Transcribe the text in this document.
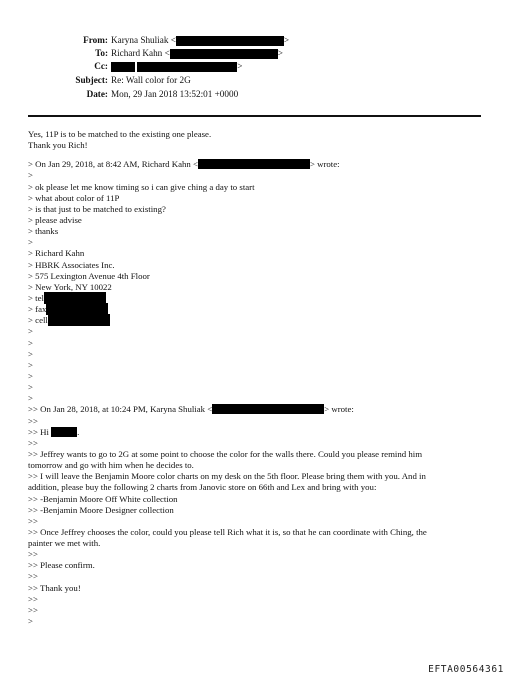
From: Karyna Shuliak <	>
To: Richard Kahn <	>
Cc:	>
Subject: Re: Wall color for 2G
Date: Mon, 29 Jan 2018 13:52:01 +0000
Yes, 11P is to be matched to the existing one please.
Thank you Rich!
> On Jan 29, 2018, at 8:42 AM, Richard Kahn <	> wrote:
>
> ok please let me know timing so i can give ching a day to start
> what about color of 11P
> is that just to be matched to existing?
> please advise
> thanks
>
> Richard Kahn
> HBRK Associates Inc.
> 575 Lexington Avenue 4th Floor
> New York, NY 10022
> tel
> fax
> cell
>
>
>
>
>
>
>
>> On Jan 28, 2018, at 10:24 PM, Karyna Shuliak <	> wrote:
>>
>> Hi	.
>>
>> Jeffrey wants to go to 2G at some point to choose the color for the walls there. Could you please remind him
tomorrow and go with him when he decides to.
>> I will leave the Benjamin Moore color charts on my desk on the 5th floor. Please bring them with you. And in
addition, please buy the following 2 charts from Janovic store on 66th and Lex and bring with you:
>> -Benjamin Moore Off White collection
>> -Benjamin Moore Designer collection
>>
>> Once Jeffrey chooses the color, could you please tell Rich what it is, so that he can coordinate with Ching, the
painter we met with.
>>
>> Please confirm.
>>
>> Thank you!
>>
>>
>
EFTA00564361
